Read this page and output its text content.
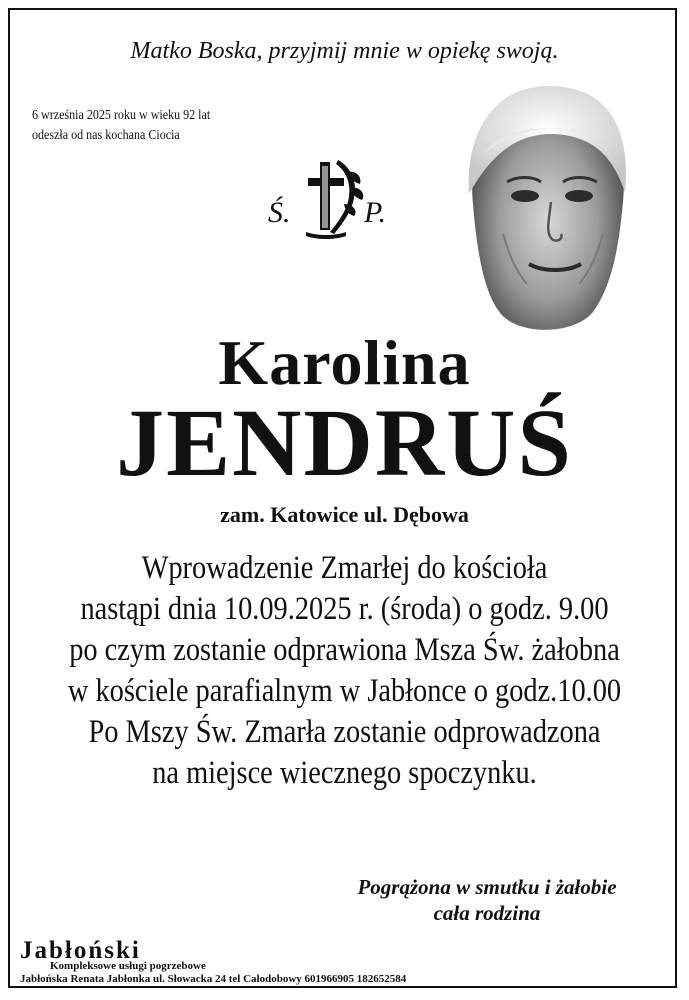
Matko Boska, przyjmij mnie w opiekę swoją.
6 września 2025 roku w wieku 92 lat
odeszła od nas kochana Ciocia
Ś. P.
Karolina
JENDRUŚ
zam. Katowice ul. Dębowa
Wprowadzenie Zmarłej do kościoła
nastąpi dnia 10.09.2025 r. (środa) o godz. 9.00
po czym zostanie odprawiona Msza Św. żałobna
w kościele parafialnym w Jabłonce o godz.10.00
Po Mszy Św. Zmarła zostanie odprowadzona
na miejsce wiecznego spoczynku.
Pogrążona w smutku i żałobie
cała rodzina
Jabłoński
Kompleksowe usługi pogrzebowe
Jabłońska Renata Jabłonka ul. Słowacka 24 tel Całodobowy 601966905 182652584
